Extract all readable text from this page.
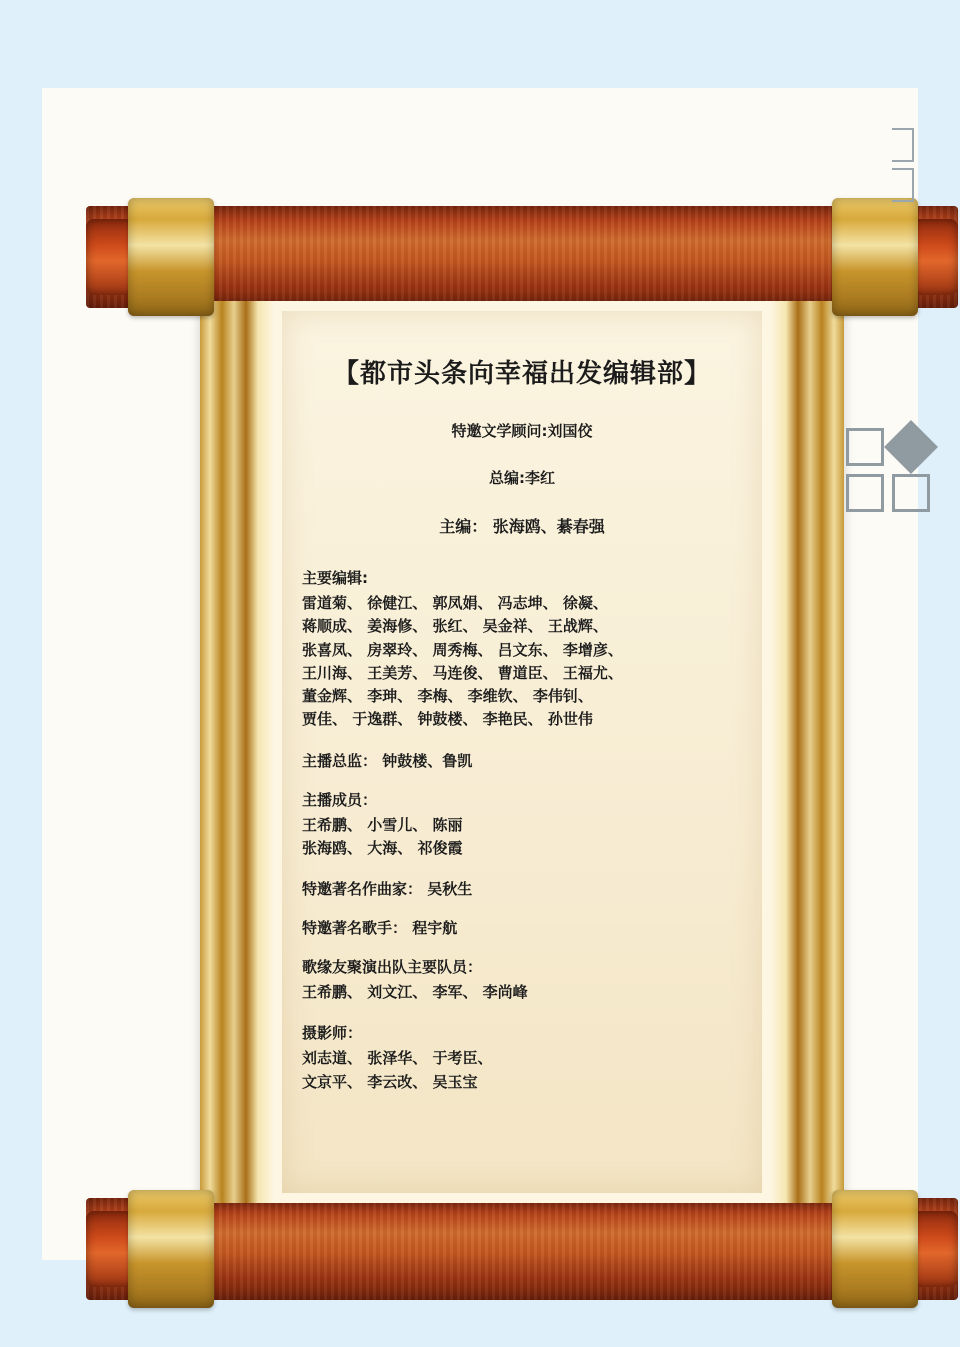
【都市头条向幸福出发编辑部】
特邀文学顾问:刘国佼
总编:李红
主编： 张海鸥、綦春强
主要编辑:
雷道菊、 徐健江、 郭凤娟、 冯志坤、 徐凝、
蒋顺成、 姜海修、 张红、 吴金祥、 王战辉、
张喜凤、 房翠玲、 周秀梅、 吕文东、 李增彦、
王川海、 王美芳、 马连俊、 曹道臣、 王福尤、
董金辉、 李珅、 李梅、 李维钦、 李伟钊、
贾佳、 于逸群、 钟鼓楼、 李艳民、 孙世伟
主播总监： 钟鼓楼、鲁凯
主播成员：
王希鹏、 小雪儿、 陈丽
张海鸥、 大海、 祁俊霞
特邀著名作曲家： 吴秋生
特邀著名歌手： 程宇航
歌缘友聚演出队主要队员：
王希鹏、 刘文江、 李军、 李尚峰
摄影师：
刘志道、 张泽华、 于考臣、
文京平、 李云改、 吴玉宝
